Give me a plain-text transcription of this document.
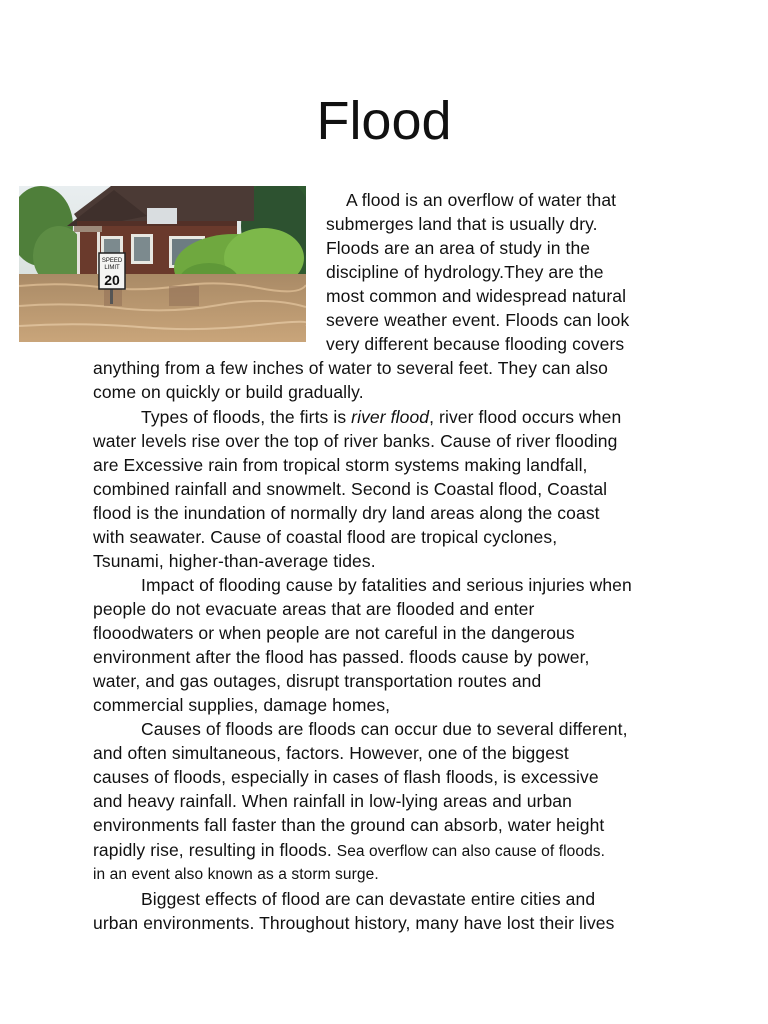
Flood
SPEED
LIMIT
20
A flood is an overflow of water that
submerges land that is usually dry.
Floods are an area of study in the
discipline of hydrology.They are the
most common and widespread natural
severe weather event. Floods can look
very different because flooding covers
anything from a few inches of water to several feet. They can also
come on quickly or build gradually.
Types of floods, the firts is river flood, river flood occurs when
water levels rise over the top of river banks. Cause of river flooding
are Excessive rain from tropical storm systems making landfall,
combined rainfall and snowmelt. Second is Coastal flood, Coastal
flood is the inundation of normally dry land areas along the coast
with seawater. Cause of coastal flood are tropical cyclones,
Tsunami, higher-than-average tides.
Impact of flooding cause by fatalities and serious injuries when
people do not evacuate areas that are flooded and enter
flooodwaters or when people are not careful in the dangerous
environment after the flood has passed. floods cause by power,
water, and gas outages, disrupt transportation routes and
commercial supplies, damage homes,
Causes of floods are floods can occur due to several different,
and often simultaneous, factors. However, one of the biggest
causes of floods, especially in cases of flash floods, is excessive
and heavy rainfall. When rainfall in low-lying areas and urban
environments fall faster than the ground can absorb, water height
rapidly rise, resulting in floods. Sea overflow can also cause of floods.
in an event also known as a storm surge.
Biggest effects of flood are can devastate entire cities and
urban environments. Throughout history, many have lost their lives
